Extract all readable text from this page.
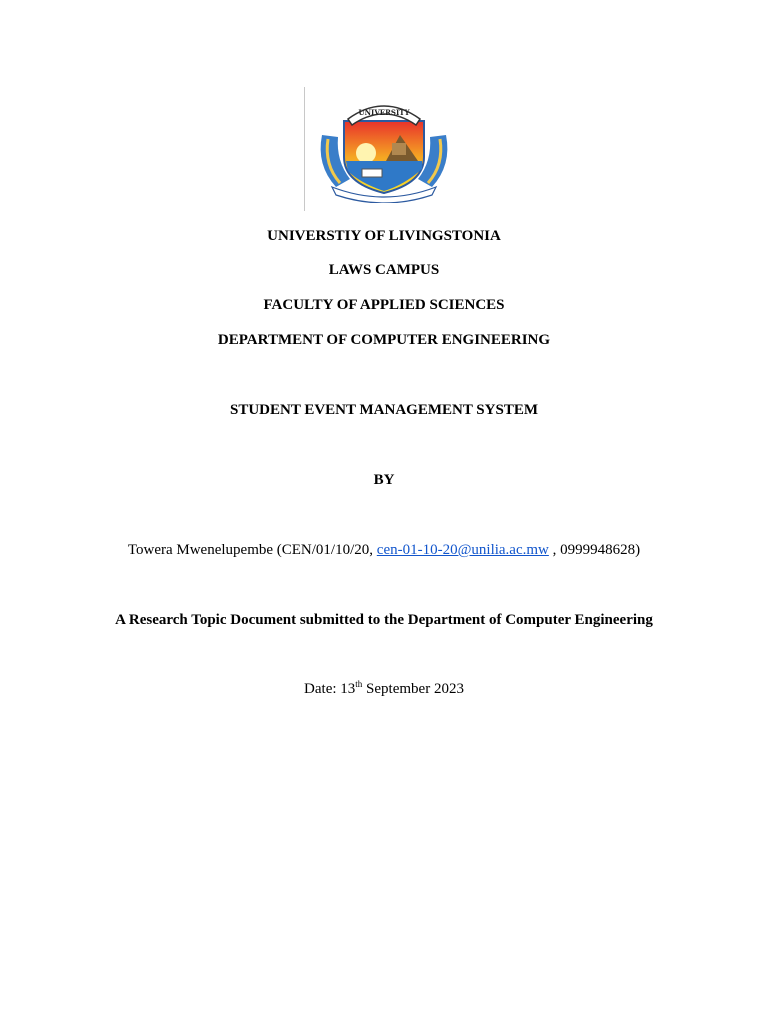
UNIVERSITY
UNIVERSTIY OF LIVINGSTONIA
LAWS CAMPUS
FACULTY OF APPLIED SCIENCES
DEPARTMENT OF COMPUTER ENGINEERING
STUDENT EVENT MANAGEMENT SYSTEM
BY
Towera Mwenelupembe (CEN/01/10/20, cen-01-10-20@unilia.ac.mw , 0999948628)
A Research Topic Document submitted to the Department of Computer Engineering
Date: 13th September 2023
